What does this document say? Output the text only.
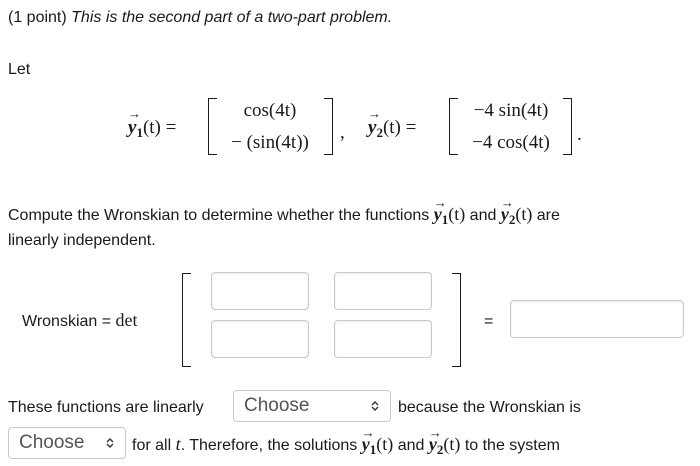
(1 point) This is the second part of a two-part problem.
Let
→ $y_1(t)$ =
cos(4t)
− (sin(4t))	, → $y_2(t)$ =
−4 sin(4t)
−4 cos(4t)	.
Compute the Wronskian to determine whether the functions → $y_1(t)$ and → $y_2(t)$ are
linearly independent.
Wronskian = det	=
These functions are linearly	Choose	because the Wronskian is
Choose	for all t. Therefore, the solutions → $y_1(t)$ and → $y_2(t)$ to the system
